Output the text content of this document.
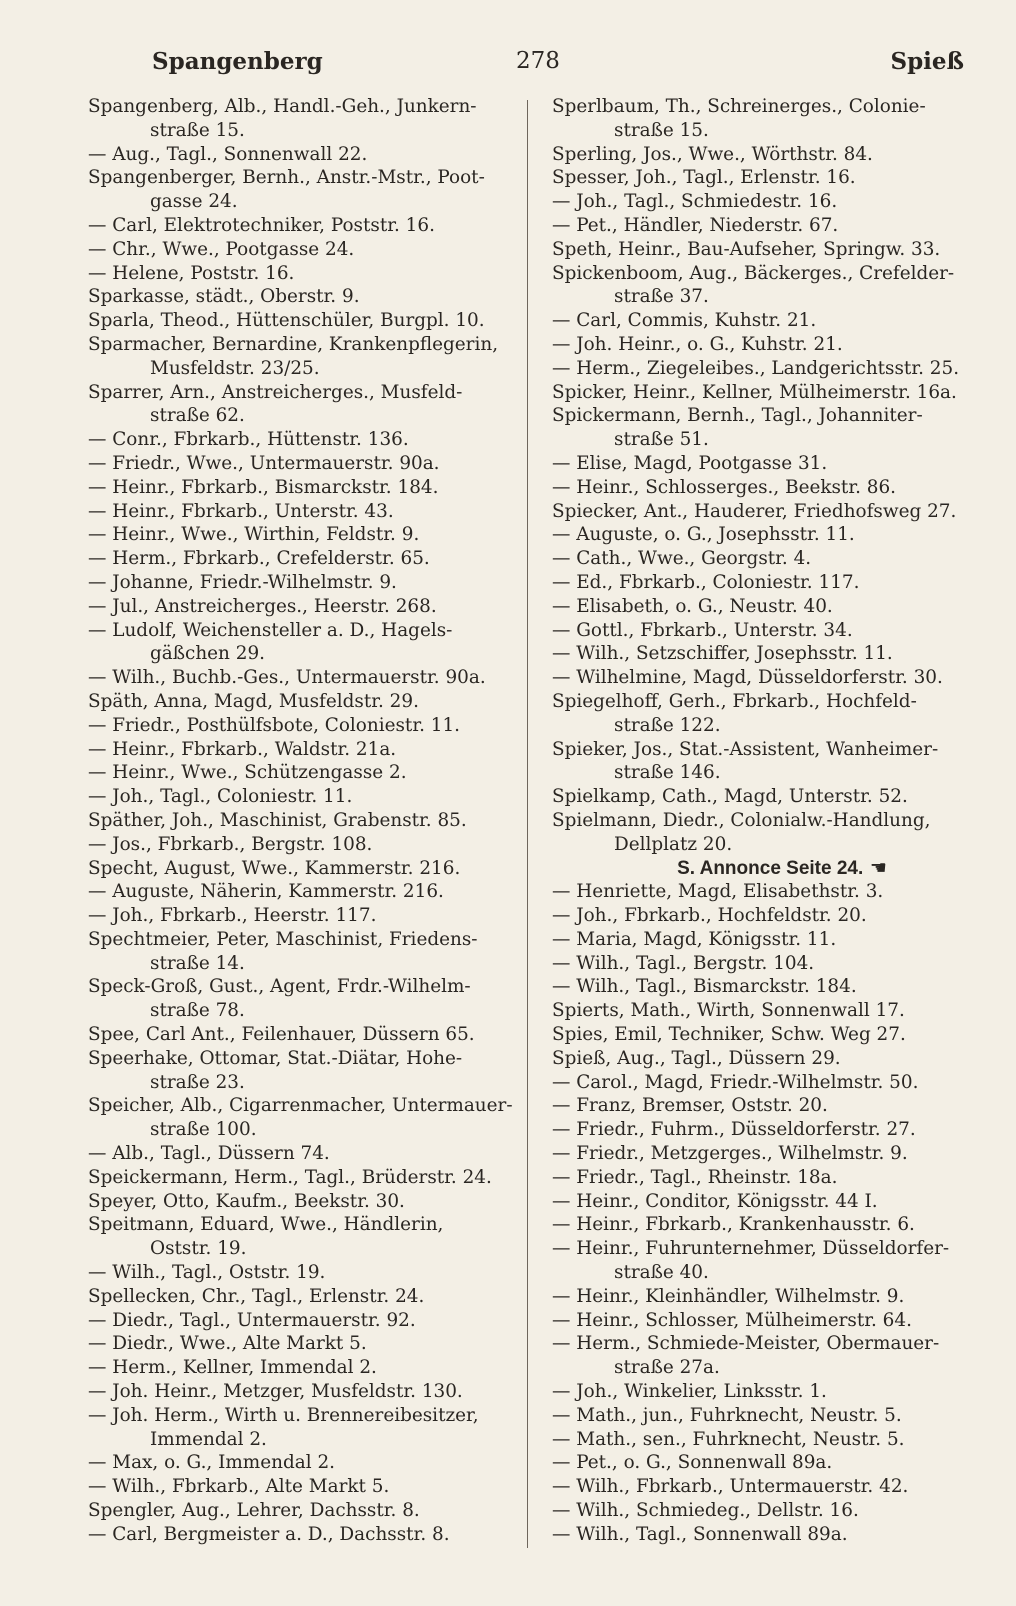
Spangenberg	278	Spieß
Spangenberg, Alb., Handl.-Geh., Junkern-
straße 15.
— Aug., Tagl., Sonnenwall 22.
Spangenberger, Bernh., Anstr.-Mstr., Poot-
gasse 24.
— Carl, Elektrotechniker, Poststr. 16.
— Chr., Wwe., Pootgasse 24.
— Helene, Poststr. 16.
Sparkasse, städt., Oberstr. 9.
Sparla, Theod., Hüttenschüler, Burgpl. 10.
Sparmacher, Bernardine, Krankenpflegerin,
Musfeldstr. 23/25.
Sparrer, Arn., Anstreicherges., Musfeld-
straße 62.
— Conr., Fbrkarb., Hüttenstr. 136.
— Friedr., Wwe., Untermauerstr. 90a.
— Heinr., Fbrkarb., Bismarckstr. 184.
— Heinr., Fbrkarb., Unterstr. 43.
— Heinr., Wwe., Wirthin, Feldstr. 9.
— Herm., Fbrkarb., Crefelderstr. 65.
— Johanne, Friedr.-Wilhelmstr. 9.
— Jul., Anstreicherges., Heerstr. 268.
— Ludolf, Weichensteller a. D., Hagels-
gäßchen 29.
— Wilh., Buchb.-Ges., Untermauerstr. 90a.
Späth, Anna, Magd, Musfeldstr. 29.
— Friedr., Posthülfsbote, Coloniestr. 11.
— Heinr., Fbrkarb., Waldstr. 21a.
— Heinr., Wwe., Schützengasse 2.
— Joh., Tagl., Coloniestr. 11.
Späther, Joh., Maschinist, Grabenstr. 85.
— Jos., Fbrkarb., Bergstr. 108.
Specht, August, Wwe., Kammerstr. 216.
— Auguste, Näherin, Kammerstr. 216.
— Joh., Fbrkarb., Heerstr. 117.
Spechtmeier, Peter, Maschinist, Friedens-
straße 14.
Speck-Groß, Gust., Agent, Frdr.-Wilhelm-
straße 78.
Spee, Carl Ant., Feilenhauer, Düssern 65.
Speerhake, Ottomar, Stat.-Diätar, Hohe-
straße 23.
Speicher, Alb., Cigarrenmacher, Untermauer-
straße 100.
— Alb., Tagl., Düssern 74.
Speickermann, Herm., Tagl., Brüderstr. 24.
Speyer, Otto, Kaufm., Beekstr. 30.
Speitmann, Eduard, Wwe., Händlerin,
Oststr. 19.
— Wilh., Tagl., Oststr. 19.
Spellecken, Chr., Tagl., Erlenstr. 24.
— Diedr., Tagl., Untermauerstr. 92.
— Diedr., Wwe., Alte Markt 5.
— Herm., Kellner, Immendal 2.
— Joh. Heinr., Metzger, Musfeldstr. 130.
— Joh. Herm., Wirth u. Brennereibesitzer,
Immendal 2.
— Max, o. G., Immendal 2.
— Wilh., Fbrkarb., Alte Markt 5.
Spengler, Aug., Lehrer, Dachsstr. 8.
— Carl, Bergmeister a. D., Dachsstr. 8.
Sperlbaum, Th., Schreinerges., Colonie-
straße 15.
Sperling, Jos., Wwe., Wörthstr. 84.
Spesser, Joh., Tagl., Erlenstr. 16.
— Joh., Tagl., Schmiedestr. 16.
— Pet., Händler, Niederstr. 67.
Speth, Heinr., Bau-Aufseher, Springw. 33.
Spickenboom, Aug., Bäckerges., Crefelder-
straße 37.
— Carl, Commis, Kuhstr. 21.
— Joh. Heinr., o. G., Kuhstr. 21.
— Herm., Ziegeleibes., Landgerichtsstr. 25.
Spicker, Heinr., Kellner, Mülheimerstr. 16a.
Spickermann, Bernh., Tagl., Johanniter-
straße 51.
— Elise, Magd, Pootgasse 31.
— Heinr., Schlosserges., Beekstr. 86.
Spiecker, Ant., Hauderer, Friedhofsweg 27.
— Auguste, o. G., Josephsstr. 11.
— Cath., Wwe., Georgstr. 4.
— Ed., Fbrkarb., Coloniestr. 117.
— Elisabeth, o. G., Neustr. 40.
— Gottl., Fbrkarb., Unterstr. 34.
— Wilh., Setzschiffer, Josephsstr. 11.
— Wilhelmine, Magd, Düsseldorferstr. 30.
Spiegelhoff, Gerh., Fbrkarb., Hochfeld-
straße 122.
Spieker, Jos., Stat.-Assistent, Wanheimer-
straße 146.
Spielkamp, Cath., Magd, Unterstr. 52.
Spielmann, Diedr., Colonialw.-Handlung,
Dellplatz 20.
S. Annonce Seite 24. ☚
— Henriette, Magd, Elisabethstr. 3.
— Joh., Fbrkarb., Hochfeldstr. 20.
— Maria, Magd, Königsstr. 11.
— Wilh., Tagl., Bergstr. 104.
— Wilh., Tagl., Bismarckstr. 184.
Spierts, Math., Wirth, Sonnenwall 17.
Spies, Emil, Techniker, Schw. Weg 27.
Spieß, Aug., Tagl., Düssern 29.
— Carol., Magd, Friedr.-Wilhelmstr. 50.
— Franz, Bremser, Oststr. 20.
— Friedr., Fuhrm., Düsseldorferstr. 27.
— Friedr., Metzgerges., Wilhelmstr. 9.
— Friedr., Tagl., Rheinstr. 18a.
— Heinr., Conditor, Königsstr. 44 I.
— Heinr., Fbrkarb., Krankenhausstr. 6.
— Heinr., Fuhrunternehmer, Düsseldorfer-
straße 40.
— Heinr., Kleinhändler, Wilhelmstr. 9.
— Heinr., Schlosser, Mülheimerstr. 64.
— Herm., Schmiede-Meister, Obermauer-
straße 27a.
— Joh., Winkelier, Linksstr. 1.
— Math., jun., Fuhrknecht, Neustr. 5.
— Math., sen., Fuhrknecht, Neustr. 5.
— Pet., o. G., Sonnenwall 89a.
— Wilh., Fbrkarb., Untermauerstr. 42.
— Wilh., Schmiedeg., Dellstr. 16.
— Wilh., Tagl., Sonnenwall 89a.
